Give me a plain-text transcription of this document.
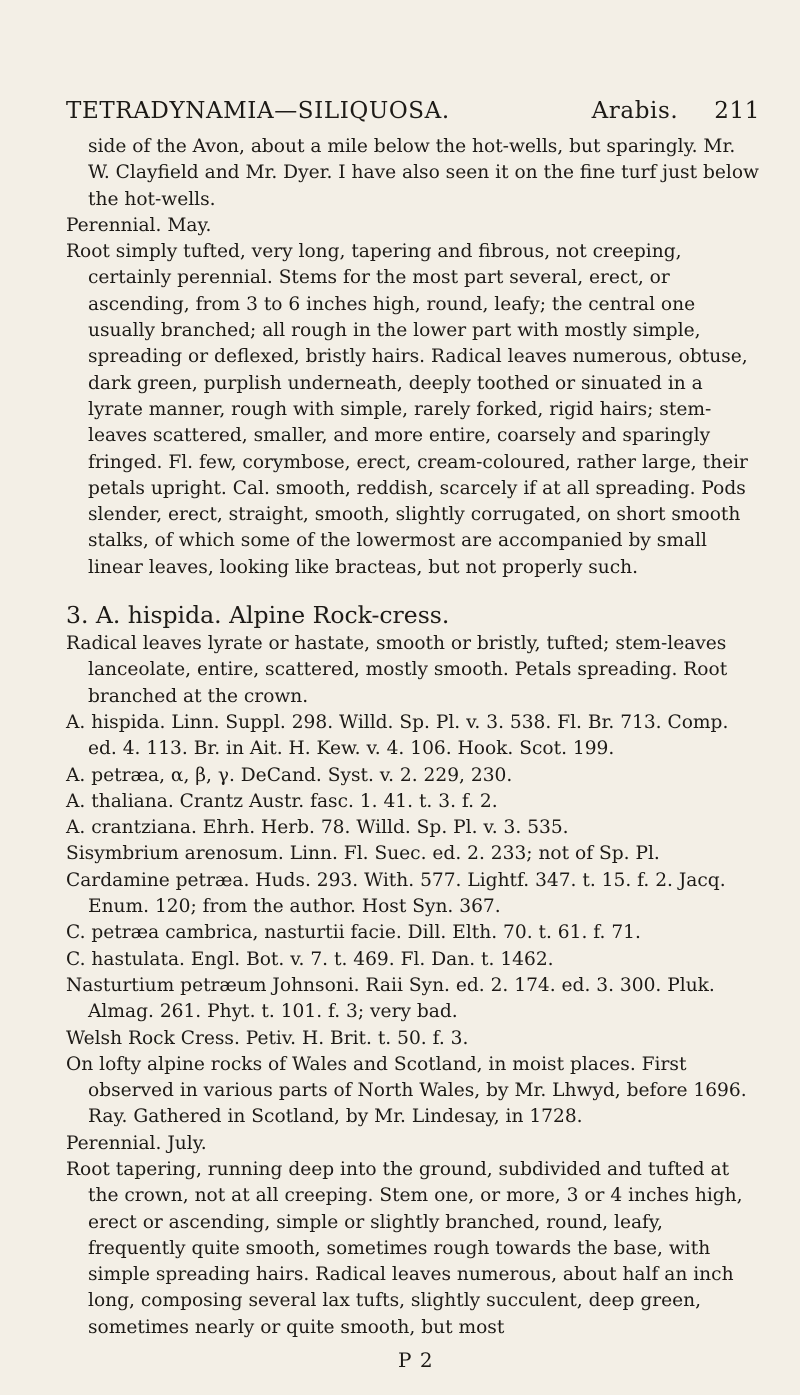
TETRADYNAMIA—SILIQUOSA.	Arabis. 211

side of the Avon, about a mile below the hot-wells, but sparingly. Mr. W. Clayfield and Mr. Dyer. I have also seen it on the fine turf just below the hot-wells.

Perennial. May.

Root simply tufted, very long, tapering and fibrous, not creeping, certainly perennial. Stems for the most part several, erect, or ascending, from 3 to 6 inches high, round, leafy; the central one usually branched; all rough in the lower part with mostly simple, spreading or deflexed, bristly hairs. Radical leaves numerous, obtuse, dark green, purplish underneath, deeply toothed or sinuated in a lyrate manner, rough with simple, rarely forked, rigid hairs; stem-leaves scattered, smaller, and more entire, coarsely and sparingly fringed. Fl. few, corymbose, erect, cream-coloured, rather large, their petals upright. Cal. smooth, reddish, scarcely if at all spreading. Pods slender, erect, straight, smooth, slightly corrugated, on short smooth stalks, of which some of the lowermost are accompanied by small linear leaves, looking like bracteas, but not properly such.

3. A. hispida. Alpine Rock-cress.

Radical leaves lyrate or hastate, smooth or bristly, tufted; stem-leaves lanceolate, entire, scattered, mostly smooth. Petals spreading. Root branched at the crown.

A. hispida. Linn. Suppl. 298. Willd. Sp. Pl. v. 3. 538. Fl. Br. 713. Comp. ed. 4. 113. Br. in Ait. H. Kew. v. 4. 106. Hook. Scot. 199.

A. petræa, α, β, γ. DeCand. Syst. v. 2. 229, 230.

A. thaliana. Crantz Austr. fasc. 1. 41. t. 3. f. 2.

A. crantziana. Ehrh. Herb. 78. Willd. Sp. Pl. v. 3. 535.

Sisymbrium arenosum. Linn. Fl. Suec. ed. 2. 233; not of Sp. Pl.

Cardamine petræa. Huds. 293. With. 577. Lightf. 347. t. 15. f. 2. Jacq. Enum. 120; from the author. Host Syn. 367.

C. petræa cambrica, nasturtii facie. Dill. Elth. 70. t. 61. f. 71.

C. hastulata. Engl. Bot. v. 7. t. 469. Fl. Dan. t. 1462.

Nasturtium petræum Johnsoni. Raii Syn. ed. 2. 174. ed. 3. 300. Pluk. Almag. 261. Phyt. t. 101. f. 3; very bad.

Welsh Rock Cress. Petiv. H. Brit. t. 50. f. 3.

On lofty alpine rocks of Wales and Scotland, in moist places. First observed in various parts of North Wales, by Mr. Lhwyd, before 1696. Ray. Gathered in Scotland, by Mr. Lindesay, in 1728.

Perennial. July.

Root tapering, running deep into the ground, subdivided and tufted at the crown, not at all creeping. Stem one, or more, 3 or 4 inches high, erect or ascending, simple or slightly branched, round, leafy, frequently quite smooth, sometimes rough towards the base, with simple spreading hairs. Radical leaves numerous, about half an inch long, composing several lax tufts, slightly succulent, deep green, sometimes nearly or quite smooth, but most

P 2
